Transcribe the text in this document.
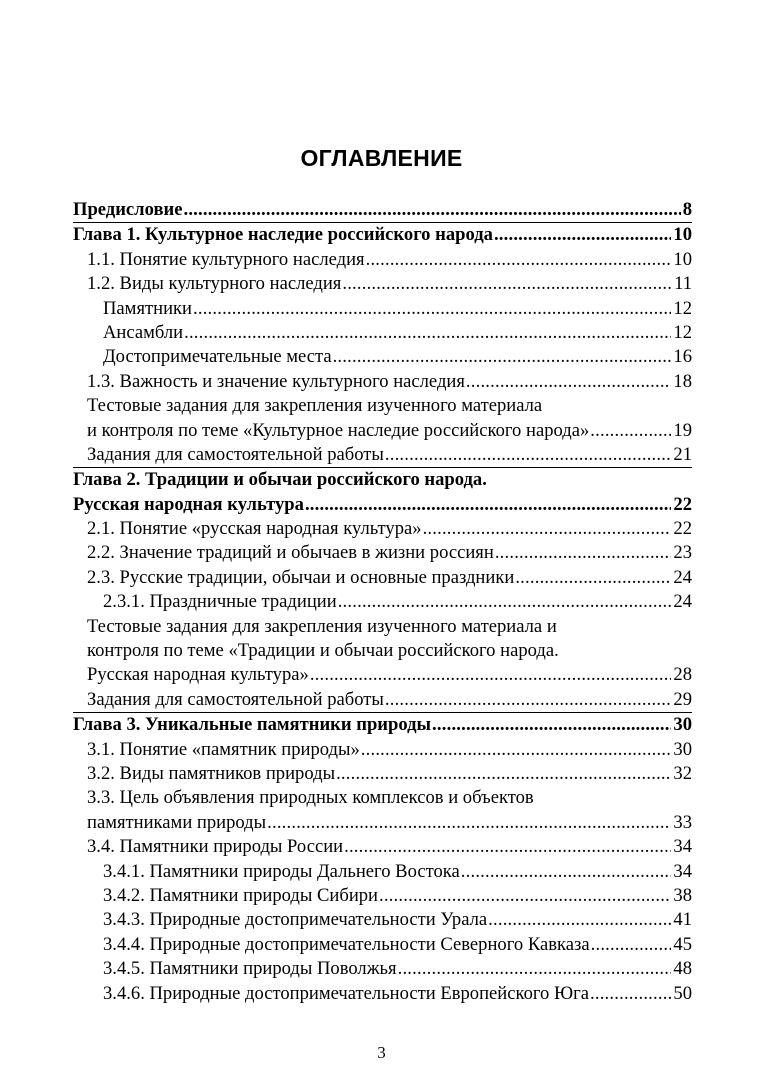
ОГЛАВЛЕНИЕ
Предисловие .....	8
Глава 1. Культурное наследие российского народа .....	10
1.1. Понятие культурного наследия .....	10
1.2. Виды культурного наследия .....	11
Памятники .....	12
Ансамбли .....	12
Достопримечательные места .....	16
1.3. Важность и значение культурного наследия .....	18
Тестовые задания для закрепления изученного материала
и контроля по теме «Культурное наследие российского народа» .....	19
Задания для самостоятельной работы .....	21
Глава 2. Традиции и обычаи российского народа.
Русская народная культура .....	22
2.1. Понятие «русская народная культура» .....	22
2.2. Значение традиций и обычаев в жизни россиян .....	23
2.3. Русские традиции, обычаи и основные праздники .....	24
2.3.1. Праздничные традиции .....	24
Тестовые задания для закрепления изученного материала и
контроля по теме «Традиции и обычаи российского народа.
Русская народная культура» .....	28
Задания для самостоятельной работы .....	29
Глава 3. Уникальные памятники природы .....	30
3.1. Понятие «памятник природы» .....	30
3.2. Виды памятников природы .....	32
3.3. Цель объявления природных комплексов и объектов
памятниками природы .....	33
3.4. Памятники природы России .....	34
3.4.1. Памятники природы Дальнего Востока .....	34
3.4.2. Памятники природы Сибири .....	38
3.4.3. Природные достопримечательности Урала .....	41
3.4.4. Природные достопримечательности Северного Кавказа .....	45
3.4.5. Памятники природы Поволжья .....	48
3.4.6. Природные достопримечательности Европейского Юга .....	50
3
